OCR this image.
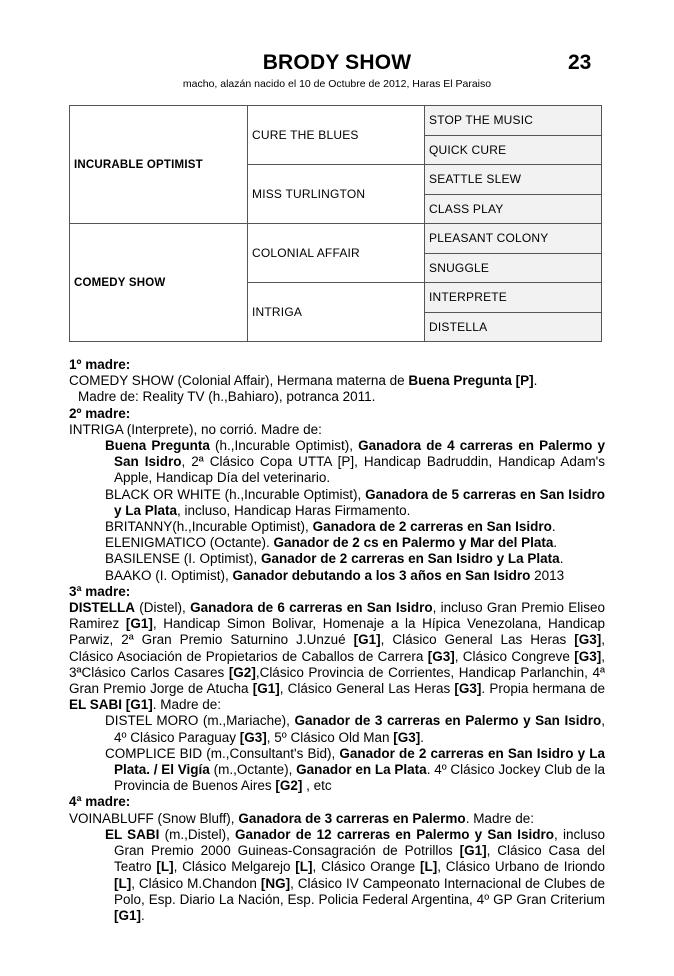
BRODY SHOW	23
macho, alazán nacido el 10 de Octubre de 2012, Haras El Paraiso
INCURABLE OPTIMIST	CURE THE BLUES	STOP THE MUSIC
		QUICK CURE
	MISS TURLINGTON	SEATTLE SLEW
		CLASS PLAY
COMEDY SHOW	COLONIAL AFFAIR	PLEASANT COLONY
		SNUGGLE
	INTRIGA	INTERPRETE
		DISTELLA

1º madre:

COMEDY SHOW (Colonial Affair), Hermana materna de Buena Pregunta [P].

Madre de: Reality TV (h.,Bahiaro), potranca 2011.

2º madre:

INTRIGA (Interprete), no corrió. Madre de:

Buena Pregunta (h.,Incurable Optimist), Ganadora de 4 carreras en Palermo y San Isidro, 2ª Clásico Copa UTTA [P], Handicap Badruddin, Handicap Adam's Apple, Handicap Día del veterinario.

BLACK OR WHITE (h.,Incurable Optimist), Ganadora de 5 carreras en San Isidro y La Plata, incluso, Handicap Haras Firmamento.

BRITANNY(h.,Incurable Optimist), Ganadora de 2 carreras en San Isidro.

ELENIGMATICO (Octante). Ganador de 2 cs en Palermo y Mar del Plata.

BASILENSE (I. Optimist), Ganador de 2 carreras en San Isidro y La Plata.

BAAKO (I. Optimist), Ganador debutando a los 3 años en San Isidro 2013

3ª madre:

DISTELLA (Distel), Ganadora de 6 carreras en San Isidro, incluso Gran Premio Eliseo Ramirez [G1], Handicap Simon Bolivar, Homenaje a la Hípica Venezolana, Handicap Parwiz, 2ª Gran Premio Saturnino J.Unzué [G1], Clásico General Las Heras [G3], Clásico Asociación de Propietarios de Caballos de Carrera [G3], Clásico Congreve [G3], 3ªClásico Carlos Casares [G2],Clásico Provincia de Corrientes, Handicap Parlanchin, 4ª Gran Premio Jorge de Atucha [G1], Clásico General Las Heras [G3]. Propia hermana de EL SABI [G1]. Madre de:

DISTEL MORO (m.,Mariache), Ganador de 3 carreras en Palermo y San Isidro, 4º Clásico Paraguay [G3], 5º Clásico Old Man [G3].

COMPLICE BID (m.,Consultant's Bid), Ganador de 2 carreras en San Isidro y La Plata. / El Vigía (m.,Octante), Ganador en La Plata. 4º Clásico Jockey Club de la Provincia de Buenos Aires [G2] , etc

4ª madre:

VOINABLUFF (Snow Bluff), Ganadora de 3 carreras en Palermo. Madre de:

EL SABI (m.,Distel), Ganador de 12 carreras en Palermo y San Isidro, incluso Gran Premio 2000 Guineas-Consagración de Potrillos [G1], Clásico Casa del Teatro [L], Clásico Melgarejo [L], Clásico Orange [L], Clásico Urbano de Iriondo [L], Clásico M.Chandon [NG], Clásico IV Campeonato Internacional de Clubes de Polo, Esp. Diario La Nación, Esp. Policia Federal Argentina, 4º GP Gran Criterium [G1].
